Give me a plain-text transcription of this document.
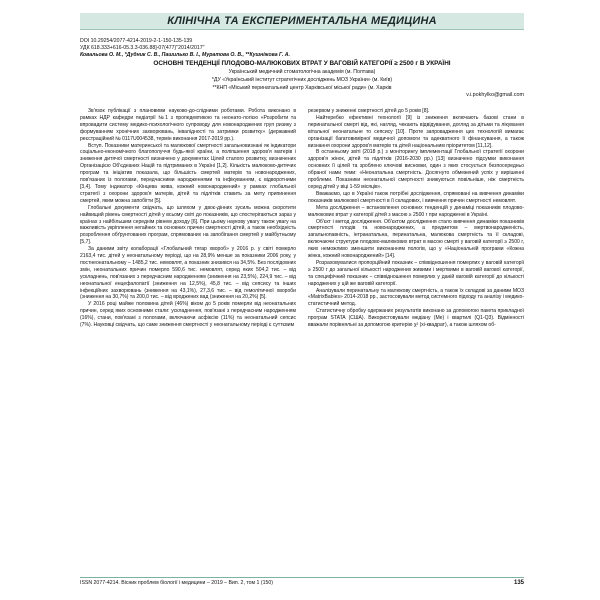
КЛІНІЧНА ТА ЕКСПЕРИМЕНТАЛЬНА МЕДИЦИНА
DOI 10.29254/2077-4214-2019-2-1-150-135-139
УДК 618.333+616-05.3.3-036.88]-07(477)"2014/2017"
Ковальова О. М., *Дудник С. В., Пашилько В. І., Муратова О. В., **Кушніжова Г. А.
ОСНОВНІ ТЕНДЕНЦІЇ ПЛОДОВО-МАЛЮКОВИХ ВТРАТ У ВАГОВІЙ КАТЕГОРІЇ ≥ 2500 г В УКРАЇНІ
Український медичний стоматологічна академія (м. Полтава)
*ДУ «Український інститут стратегічних досліджень МОЗ України» (м. Київ)
**КНП «Міський перинатальний центр Харківської міської ради» (м. Харків
v.i.pokhylko@gmail.com

Зв'язок публікації з плановими науково-до-слідними роботами. Робота виконано в рамках НДР кафедри педіатрії №1 з пропедевтикою та неонато-логією «Розробити та впровадити систему медико-психологічного супроводу для новонароджених груп ризику з формуванням хронічних захворювань, інвалідності та затримки розвитку» (державний реєстраційний № 0117U004538, термін виконання 2017-2019 рр.).

Вступ. Показники материнської та малюкової смертності загальновизнані як індикатори соціально-економічного благополуччя будь-якої країни, а поліпшення здоров'я матерів і зниження дитячої смертності визначено у документах Цілей сталого розвитку, визначених Організацією Об'єднаних Націй та підтриманих в Україні [1,2]. Кількість малюково-дитячих програм та ініціатив показала, що більшість смертей матерів та новонароджених, пов'язаних із пологами, передчасними народженнями та інфікуванням, є відворотними [3,4]. Тому індикатор «Кінцева жива, кожний новонароджений» у рамках глобальної стратегії з охорони здоров'я матерів, дітей та підлітків ставить за мету припинення смертей, яким можна запобігти [5].

Глобальні документи свідчать, що шляхом у двоє-дінних зусиль можна скоротити найвищий рівень смертності дітей у всьому світі до показників, що спостерігаються зараз у країнах з найбільшим середнім рівнем доходу [6]. При цьому наукову увагу також увагу на важливість укріплення негайних та основних причин смертності дітей, а також необхідність розроблення обґрунтованих програм, спрямованих на запобігання смертей у майбутньому [5,7].

За даними звіту колаборації «Глобальний тягар хвороб» у 2016 р. у світі померло 2163,4 тис. дітей у неонатальному періоді, що на 28,9% менше за показники 2006 року, у постнеонатальному – 1485,2 тис. немовлят, а показник знизився на 34,5%. Без послідовних змін, неонатальних причин померло 590,6 тис. немовлят, серед яких 504,2 тис. – від ускладнень, пов'язаних з передчасним народженням (зниження на 23,5%), 224,9 тис. – від неонатальної енцефалопатії (зниження на 12,5%), 45,8 тис. – від сепсису та інших інфекційних захворювань (зниження на 43,1%), 27,3,6 тис. – від гемолітичної хвороби (зниження на 30,7%) та 200,0 тис. – від вроджених вад (зниження на 20,2%) [5].

У 2016 році майже половина дітей (46%) віком до 5 років померли від неонатальних причин, серед яких основними стали: ускладнення, пов'язані з передчасним народженням (16%), стани, пов'язані з пологами, включаючи асфіксію (11%) та неонатальний сепсис (7%). Науковці свідчать, що саме зниження смертності у неонатальному періоді є суттєвим

резервом у зниженні смертності дітей до 5 років [8].

Найтеребко ефективні технології [9] із зниження включають базові стани в перинатальної смерті від, які, нагляд, чекають відвідування, догляд за дітьми та лікування вітальної неонатальне то сепсису [10]. Проте запровадження цих технологій вимагає організації багатовимірної медичної допомоги та адекватного її фінансування, а також визнання охорони здоров'я матерів та дітей національним пріоритетом [11,12].

В останньому звіті (2018 р.) з моніторингу імплементації Глобальної стратегії охорони здоров'я жінок, дітей та підлітків (2016-2030 рр.) [13] визначено підсумки виконання основних її цілей та зроблено ключові висновки, один з яких стосується безпосередньо обраної нами теми: «Неонатальна смертність. Досягнуто обмежений успіх у вирішенні проблеми. Показники неонатальної смертності знижуються повільніше, ніж смертність серед дітей у віці 1-59 місяців».

Вважаємо, що в Україні також потрібні дослідження, спрямовані на вивчення динаміки показників малюкової смертності в її складових, і вивчення причин смертності немовлят.

Мета дослідження – встановлення основних тенденцій у динаміці показників плодово-малюкових втрат у категорії дітей з масою ≥ 2500 г при народженні в Україні.

Об'єкт і метод дослідження. Об'єктом дослідження стало вивчення динаміки показників смертності плодів та новонароджених, а предметом – мертвонародженість, загальнопавність, інтранатальна, перинатальна, малюкова смертність та її складові, включаючи структури плодово-малюкових втрат в масою смерті у ваговій категорії ≥ 2500 г, яких неможливо зменшити виконанням пологів, що у «Національній програми «Кожна жінка, кожний новонароджений» [14].

Розраховувалися пропорційний показник – співвідношення померлих у ваговій категорії ≥ 2500 г до загальної кількості народжених живими і мертвими в ваговій вагової категорії, та специфічний показник – співвідношення померлих у даній ваговій категорії до кількості народжених у цій же ваговій категорії.

Аналізували перинатальну та малюкову смертність, а також їх складові за даними МОЗ «MatrixBabies» 2014-2018 рр., застосовували метод системного підходу та аналізу і медико-статистичний метод.

Статистичну обробку одержаних результатів виконано за допомогою пакета прикладної програм STATA (США). Використовували медіану (Me) і квартилі (Q1-Q3). Відмінності вважали порівняльні за допомогою критерію χ² (хі-квадрат), а також шляхом об-

ISSN 2077-4214. Вісник проблем біології і медицини – 2019 – Вип. 2, том 1 (150)	135
